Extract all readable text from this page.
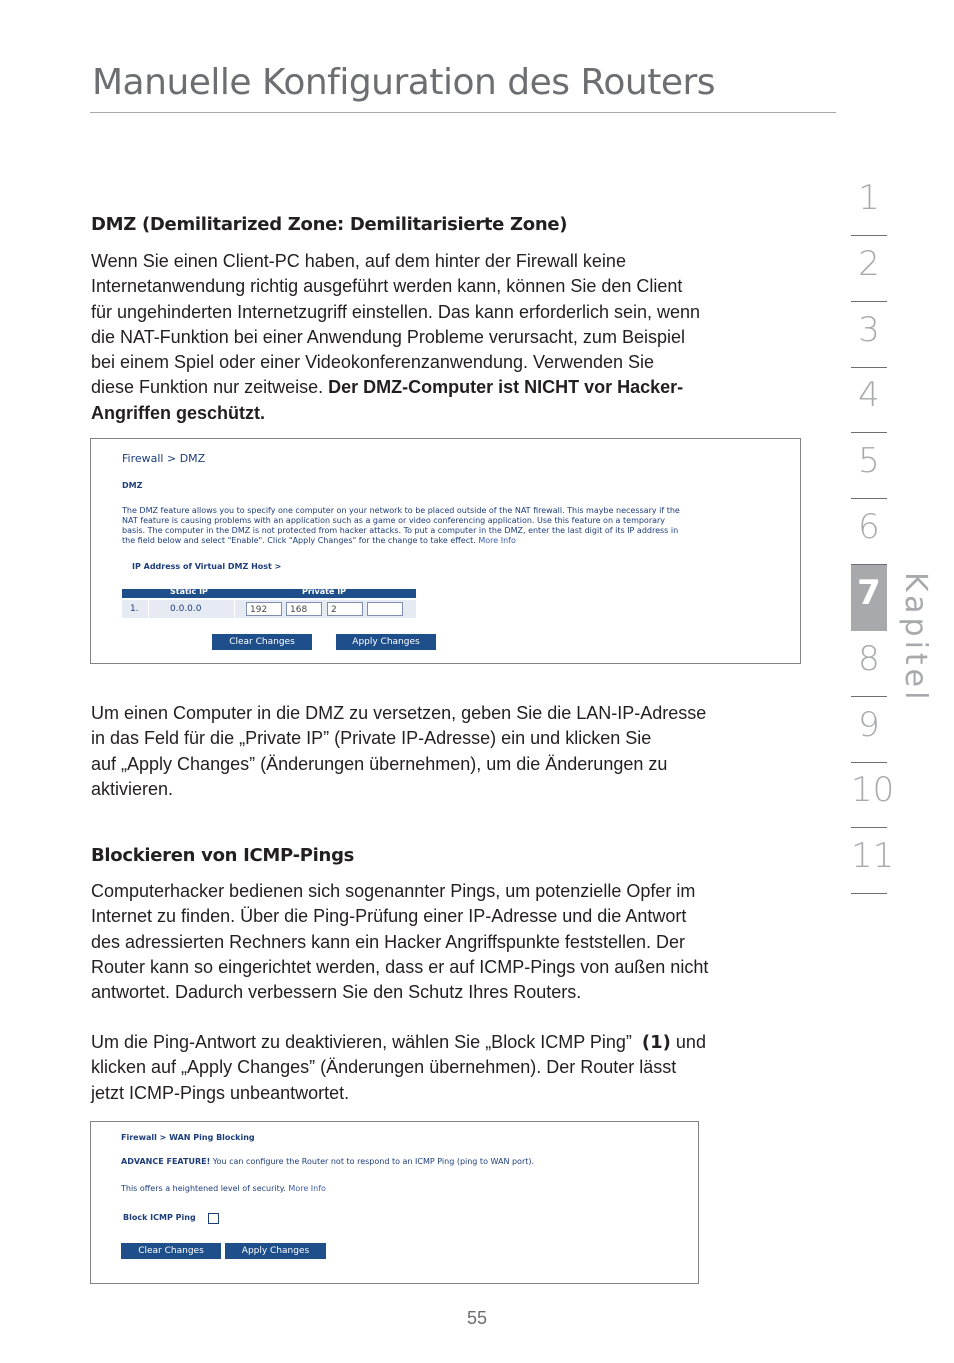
Manuelle Konfiguration des Routers
1
2
3
4
5
6
7
8
9
10
11
Kapitel
DMZ (Demilitarized Zone: Demilitarisierte Zone)
Wenn Sie einen Client-PC haben, auf dem hinter der Firewall keine
Internetanwendung richtig ausgeführt werden kann, können Sie den Client
für ungehinderten Internetzugriff einstellen. Das kann erforderlich sein, wenn
die NAT-Funktion bei einer Anwendung Probleme verursacht, zum Beispiel
bei einem Spiel oder einer Videokonferenzanwendung. Verwenden Sie
diese Funktion nur zeitweise. Der DMZ-Computer ist NICHT vor Hacker-
Angriffen geschützt.
Firewall > DMZ
DMZ
The DMZ feature allows you to specify one computer on your network to be placed outside of the NAT firewall. This maybe necessary if the
NAT feature is causing problems with an application such as a game or video conferencing application. Use this feature on a temporary
basis. The computer in the DMZ is not protected from hacker attacks. To put a computer in the DMZ, enter the last digit of its IP address in
the field below and select "Enable". Click "Apply Changes" for the change to take effect. More Info
IP Address of Virtual DMZ Host >
Static IP	Private IP
1.	0.0.0.0	192	168	2
Clear Changes	Apply Changes
Um einen Computer in die DMZ zu versetzen, geben Sie die LAN-IP-Adresse
in das Feld für die „Private IP” (Private IP-Adresse) ein und klicken Sie
auf „Apply Changes” (Änderungen übernehmen), um die Änderungen zu
aktivieren.
Blockieren von ICMP-Pings
Computerhacker bedienen sich sogenannter Pings, um potenzielle Opfer im
Internet zu finden. Über die Ping-Prüfung einer IP-Adresse und die Antwort
des adressierten Rechners kann ein Hacker Angriffspunkte feststellen. Der
Router kann so eingerichtet werden, dass er auf ICMP-Pings von außen nicht
antwortet. Dadurch verbessern Sie den Schutz Ihres Routers.
Um die Ping-Antwort zu deaktivieren, wählen Sie „Block ICMP Ping” (1) und
klicken auf „Apply Changes” (Änderungen übernehmen). Der Router lässt
jetzt ICMP-Pings unbeantwortet.
Firewall > WAN Ping Blocking
ADVANCE FEATURE! You can configure the Router not to respond to an ICMP Ping (ping to WAN port).
This offers a heightened level of security. More Info
Block ICMP Ping
Clear Changes	Apply Changes
55
